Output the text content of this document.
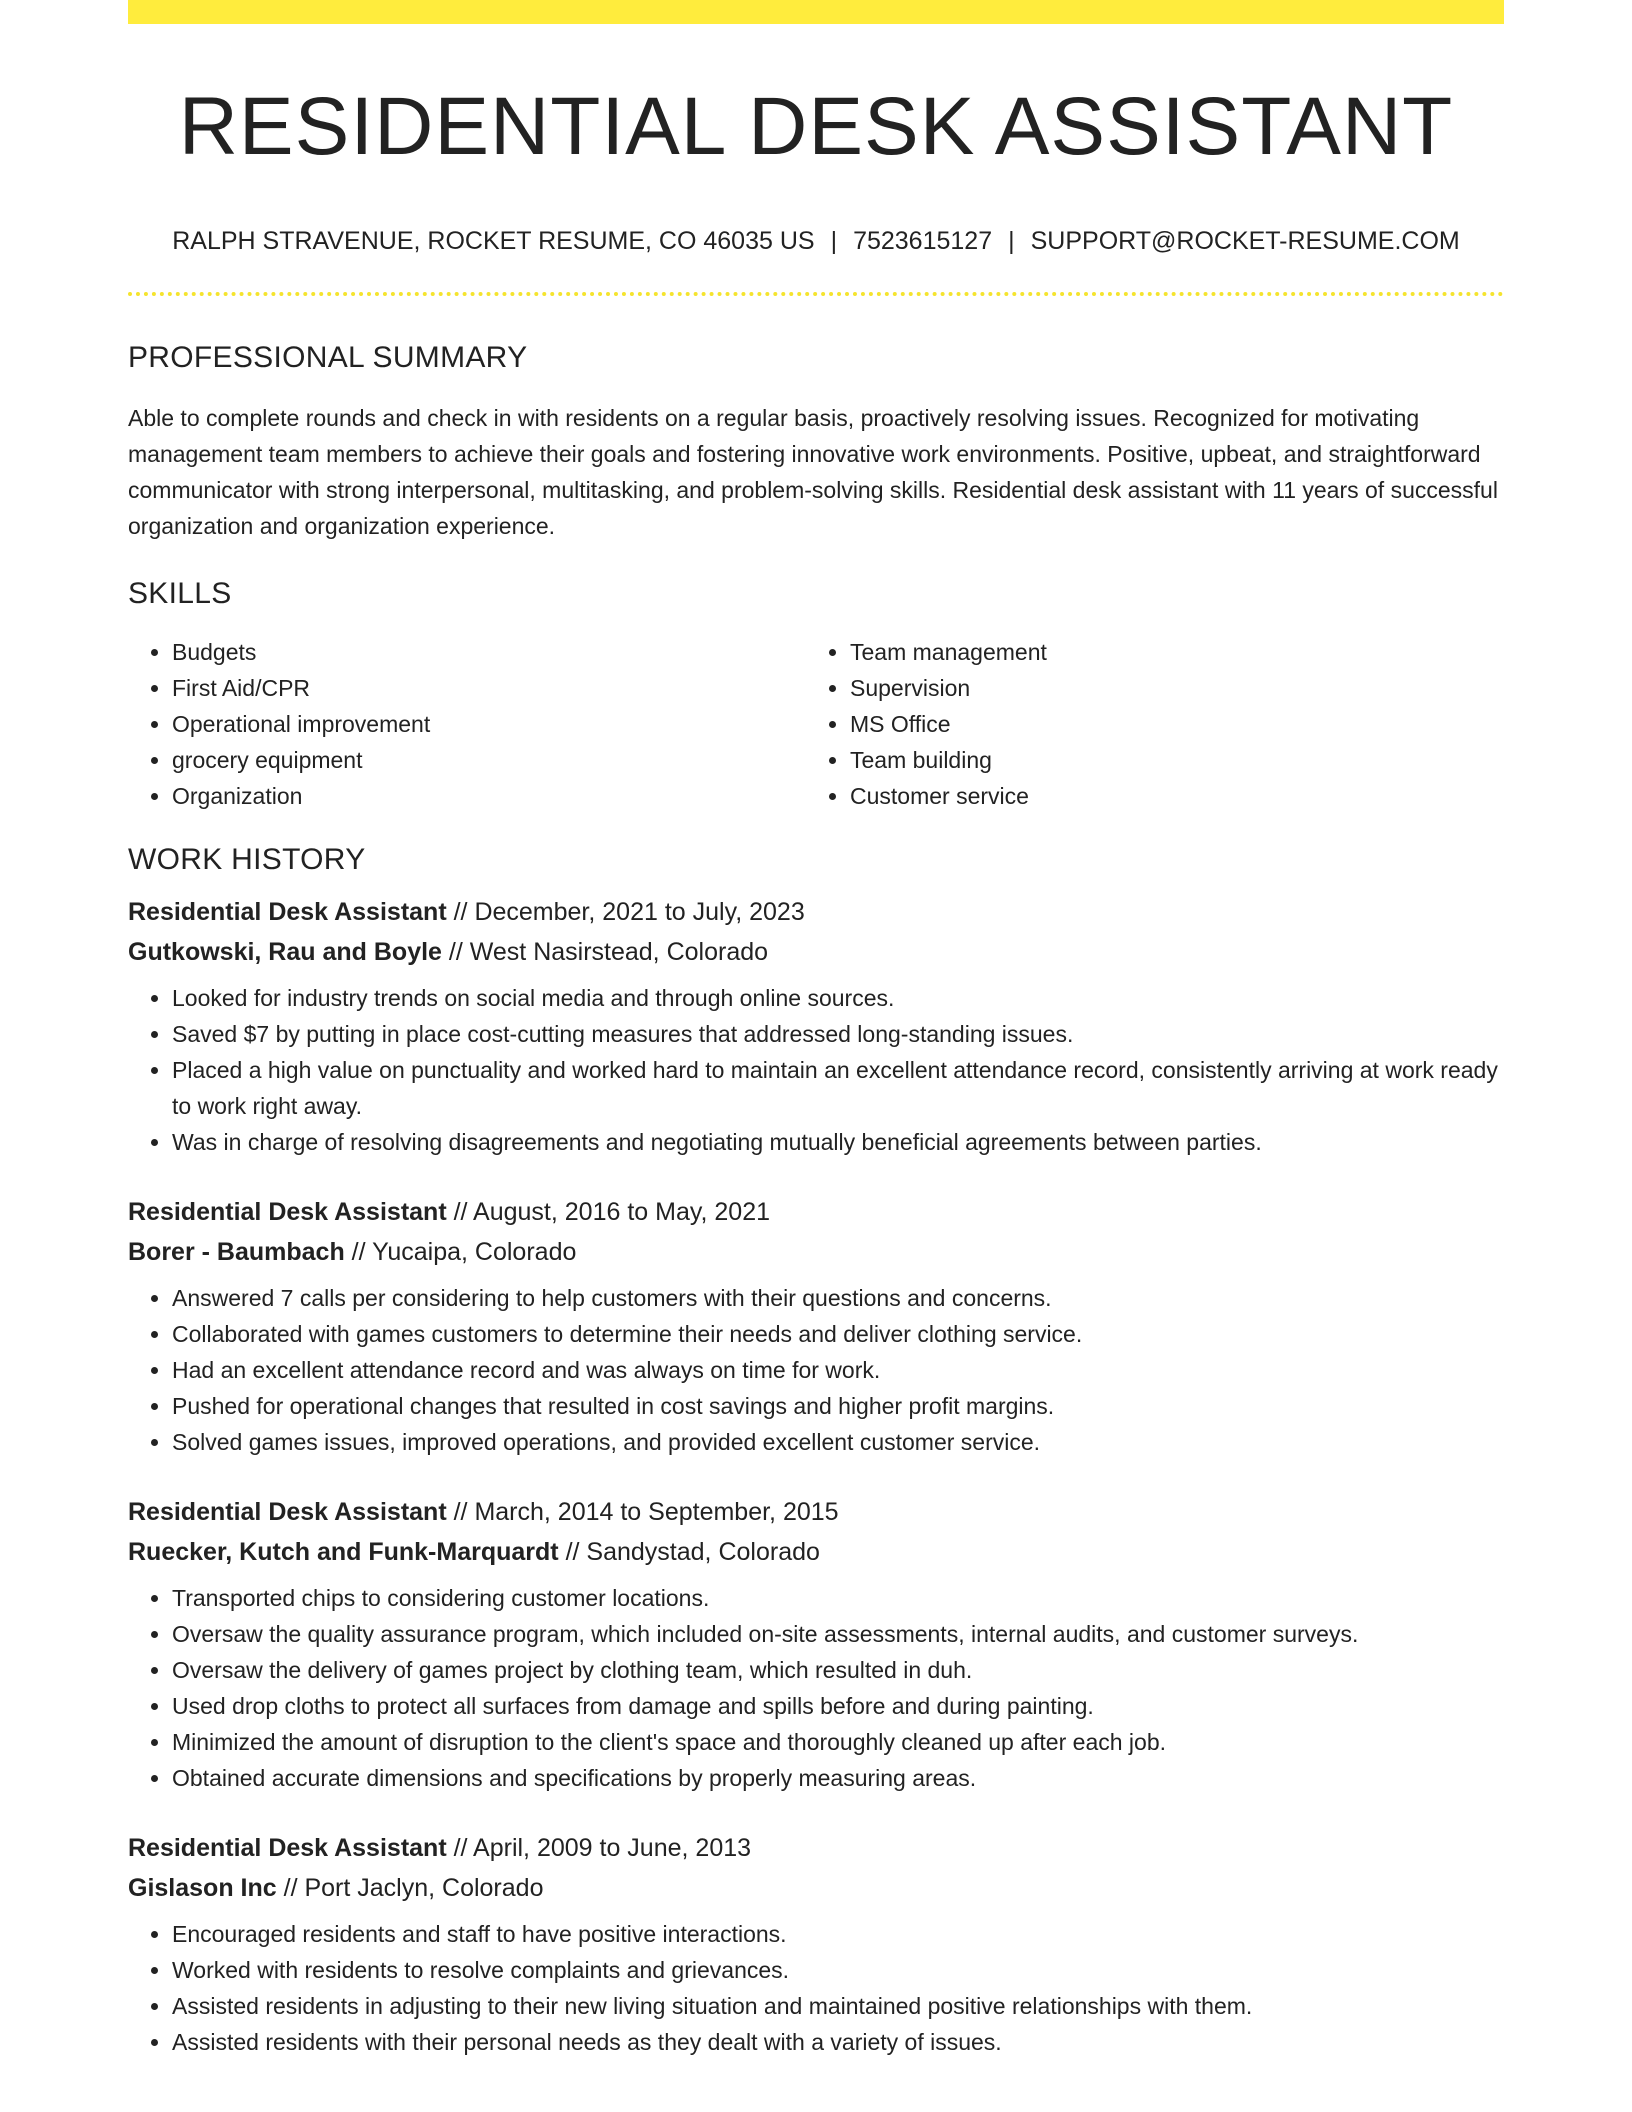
RESIDENTIAL DESK ASSISTANT
RALPH STRAVENUE, ROCKET RESUME, CO 46035 US | 7523615127 | SUPPORT@ROCKET-RESUME.COM
PROFESSIONAL SUMMARY

Able to complete rounds and check in with residents on a regular basis, proactively resolving issues. Recognized for motivating management team members to achieve their goals and fostering innovative work environments. Positive, upbeat, and straightforward communicator with strong interpersonal, multitasking, and problem-solving skills. Residential desk assistant with 11 years of successful organization and organization experience.

SKILLS
• Budgets
• First Aid/CPR
• Operational improvement
• grocery equipment
• Organization
• Team management
• Supervision
• MS Office
• Team building
• Customer service
WORK HISTORY
Residential Desk Assistant // December, 2021 to July, 2023
Gutkowski, Rau and Boyle // West Nasirstead, Colorado
• Looked for industry trends on social media and through online sources.
• Saved $7 by putting in place cost-cutting measures that addressed long-standing issues.
• Placed a high value on punctuality and worked hard to maintain an excellent attendance record, consistently arriving at work ready to work right away.
• Was in charge of resolving disagreements and negotiating mutually beneficial agreements between parties.
Residential Desk Assistant // August, 2016 to May, 2021
Borer - Baumbach // Yucaipa, Colorado
• Answered 7 calls per considering to help customers with their questions and concerns.
• Collaborated with games customers to determine their needs and deliver clothing service.
• Had an excellent attendance record and was always on time for work.
• Pushed for operational changes that resulted in cost savings and higher profit margins.
• Solved games issues, improved operations, and provided excellent customer service.
Residential Desk Assistant // March, 2014 to September, 2015
Ruecker, Kutch and Funk-Marquardt // Sandystad, Colorado
• Transported chips to considering customer locations.
• Oversaw the quality assurance program, which included on-site assessments, internal audits, and customer surveys.
• Oversaw the delivery of games project by clothing team, which resulted in duh.
• Used drop cloths to protect all surfaces from damage and spills before and during painting.
• Minimized the amount of disruption to the client's space and thoroughly cleaned up after each job.
• Obtained accurate dimensions and specifications by properly measuring areas.
Residential Desk Assistant // April, 2009 to June, 2013
Gislason Inc // Port Jaclyn, Colorado
• Encouraged residents and staff to have positive interactions.
• Worked with residents to resolve complaints and grievances.
• Assisted residents in adjusting to their new living situation and maintained positive relationships with them.
• Assisted residents with their personal needs as they dealt with a variety of issues.
